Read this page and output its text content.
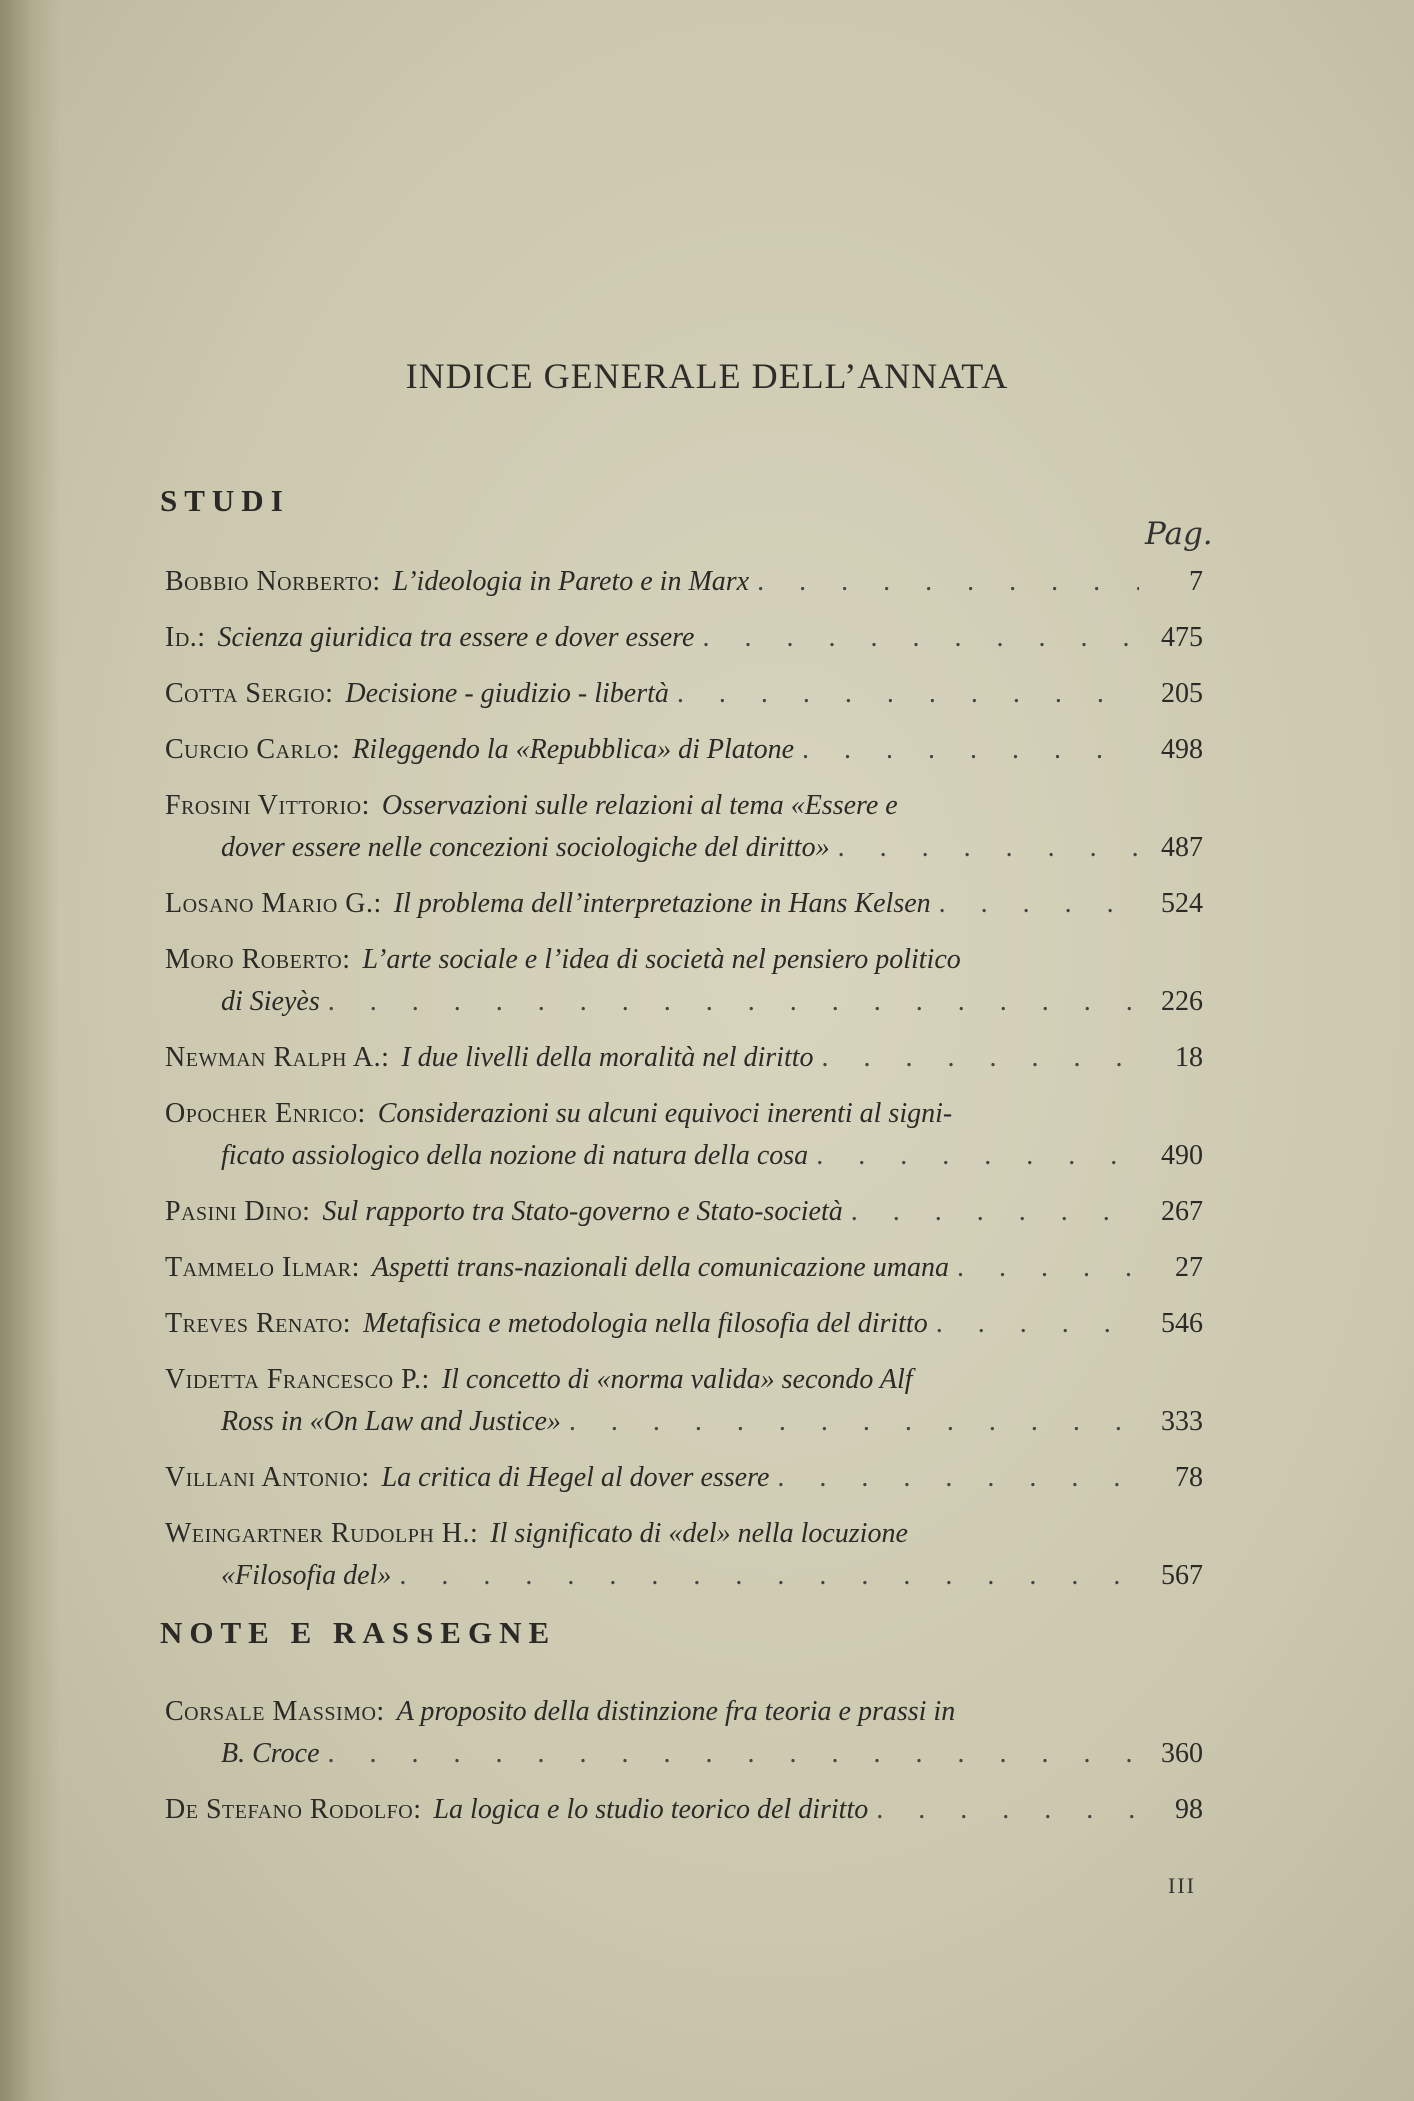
INDICE GENERALE DELL’ANNATA
STUDI
Pag.
Bobbio Norberto: L’ideologia in Pareto e in Marx . . .	7
Id.: Scienza giuridica tra essere e dover essere . . .	475
Cotta Sergio: Decisione - giudizio - libertà . . .	205
Curcio Carlo: Rileggendo la «Repubblica» di Platone . . .	498
Frosini Vittorio: Osservazioni sulle relazioni al tema «Essere e
dover essere nelle concezioni sociologiche del diritto» . . .	487
Losano Mario G.: Il problema dell’interpretazione in Hans Kelsen . . .	524
Moro Roberto: L’arte sociale e l’idea di società nel pensiero politico
di Sieyès . . .	226
Newman Ralph A.: I due livelli della moralità nel diritto . . .	18
Opocher Enrico: Considerazioni su alcuni equivoci inerenti al signi-
ficato assiologico della nozione di natura della cosa . . .	490
Pasini Dino: Sul rapporto tra Stato-governo e Stato-società . . .	267
Tammelo Ilmar: Aspetti trans-nazionali della comunicazione umana . . .	27
Treves Renato: Metafisica e metodologia nella filosofia del diritto . . .	546
Videtta Francesco P.: Il concetto di «norma valida» secondo Alf
Ross in «On Law and Justice» . . .	333
Villani Antonio: La critica di Hegel al dover essere . . .	78
Weingartner Rudolph H.: Il significato di «del» nella locuzione
«Filosofia del» . . .	567
NOTE E RASSEGNE
Corsale Massimo: A proposito della distinzione fra teoria e prassi in
B. Croce . . .	360
De Stefano Rodolfo: La logica e lo studio teorico del diritto . . .	98
III
